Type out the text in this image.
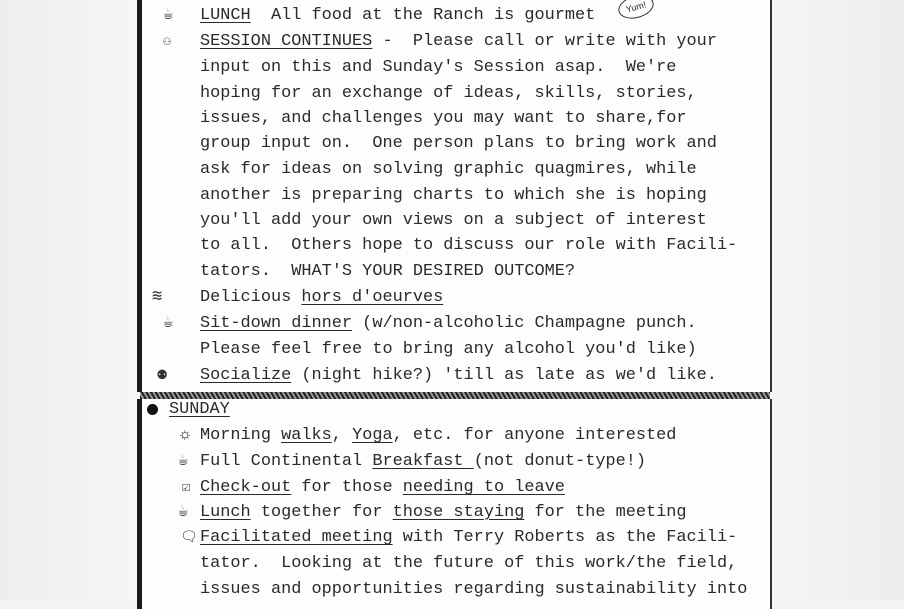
☕ LUNCH  All food at the Ranch is gourmet	Yum!
⚇ SESSION CONTINUES -  Please call or write with your
input on this and Sunday's Session asap.  We're
hoping for an exchange of ideas, skills, stories,
issues, and challenges you may want to share,for
group input on.  One person plans to bring work and
ask for ideas on solving graphic quagmires, while
another is preparing charts to which she is hoping
you'll add your own views on a subject of interest
to all.  Others hope to discuss our role with Facili-
tators.  WHAT'S YOUR DESIRED OUTCOME?
≋ Delicious hors d'oeurves
☕ Sit-down dinner (w/non-alcoholic Champagne punch.
Please feel free to bring any alcohol you'd like)
⚉ Socialize (night hike?) 'till as late as we'd like.
SUNDAY
☼ Morning walks, Yoga, etc. for anyone interested
☕ Full Continental Breakfast (not donut-type!)
☑ Check-out for those needing to leave
☕ Lunch together for those staying for the meeting
🗨 Facilitated meeting with Terry Roberts as the Facili-
tator.  Looking at the future of this work/the field,
issues and opportunities regarding sustainability into
